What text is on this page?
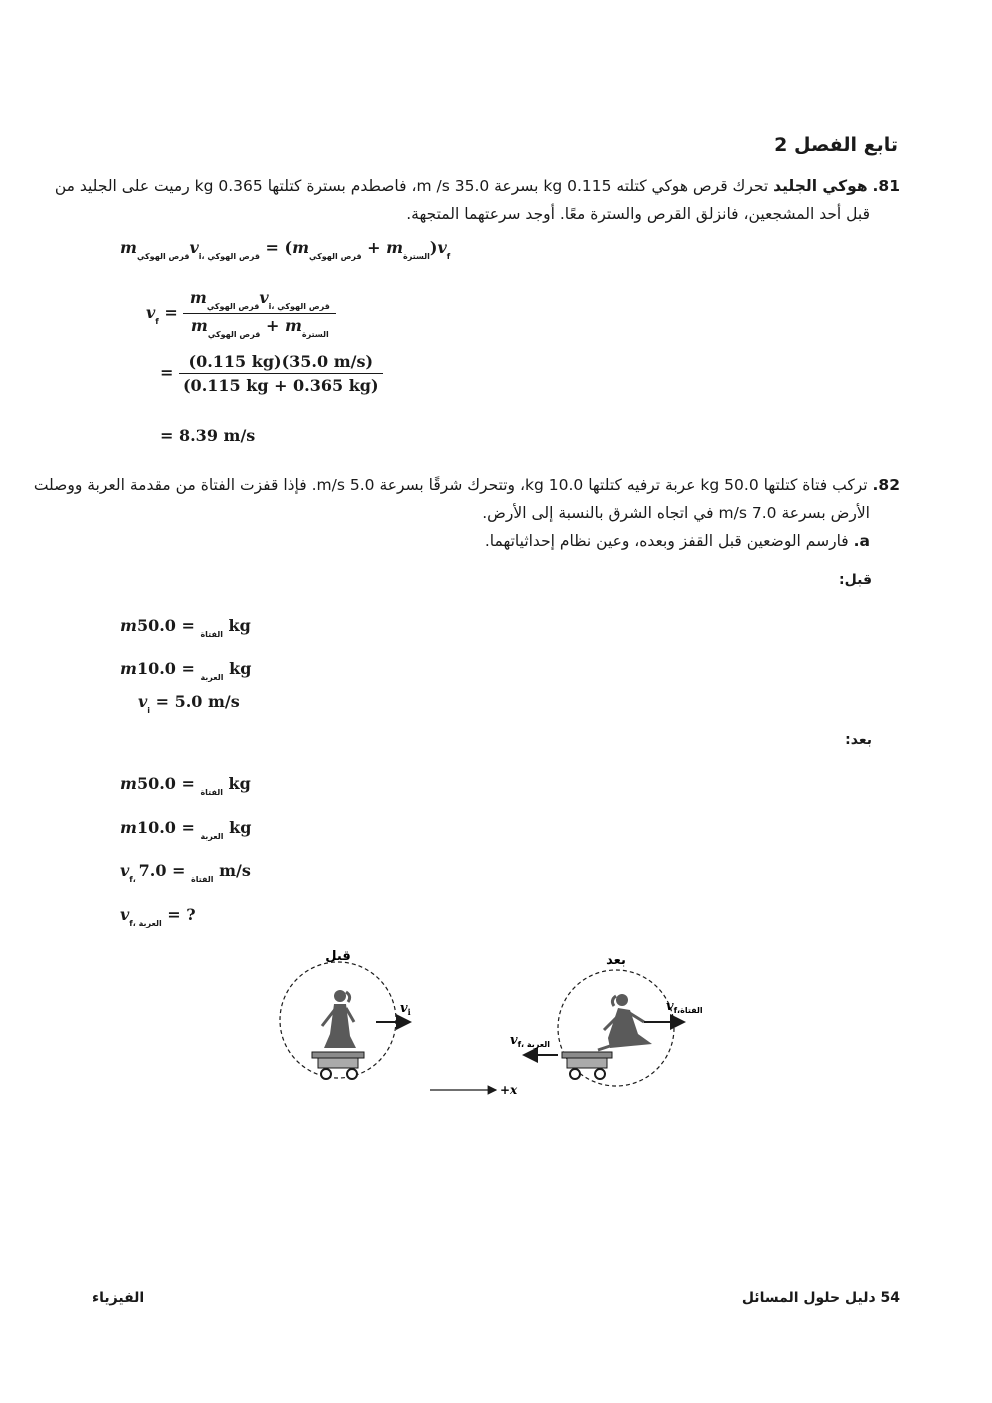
تابع الفصل 2
81. هوكي الجليد تحرك قرص هوكي كتلته 0.115 kg بسرعة 35.0 m /s، فاصطدم بسترة كتلتها 0.365 kg رميت على الجليد من
قبل أحد المشجعين، فانزلق القرص والسترة معًا. أوجد سرعتهما المتجهة.
$m_{قرص الهوكي}v_{i، قرص الهوكي} = (m_{قرص الهوكي} + m_{السترة})v_f$
$v_f = \frac{m_{قرص الهوكي}v_{i، قرص الهوكي}}{m_{قرص الهوكي} + m_{السترة}}$
= $\frac{(0.115 kg)(35.0 m/s)}{(0.115 kg + 0.365 kg)}$
= 8.39 m/s
82. تركب فتاة كتلتها 50.0 kg عربة ترفيه كتلتها 10.0 kg، وتتحرك شرقًا بسرعة 5.0 m/s. فإذا قفزت الفتاة من مقدمة العربة ووصلت
الأرض بسرعة 7.0 m/s في اتجاه الشرق بالنسبة إلى الأرض.
a. فارسم الوضعين قبل القفز وبعده، وعين نظام إحداثياتهما.
قبل:
m	$_{الفتاة}$ = 50.0 kg
m	$_{العربة}$ = 10.0 kg
$v_i = 5.0$ m/s
بعد:
m	$_{الفتاة}$ = 50.0 kg
m	$_{العربة}$ = 10.0 kg
$v_{f، الفتاة} = 7.0$ m/s
$v_{f، العربة}$ = ?
قبل
$v_i$
بعد
$v_{f،الفتاة}$
$v_{f، العربة}$
+x
الفيزياء	54 دليل حلول المسائل
